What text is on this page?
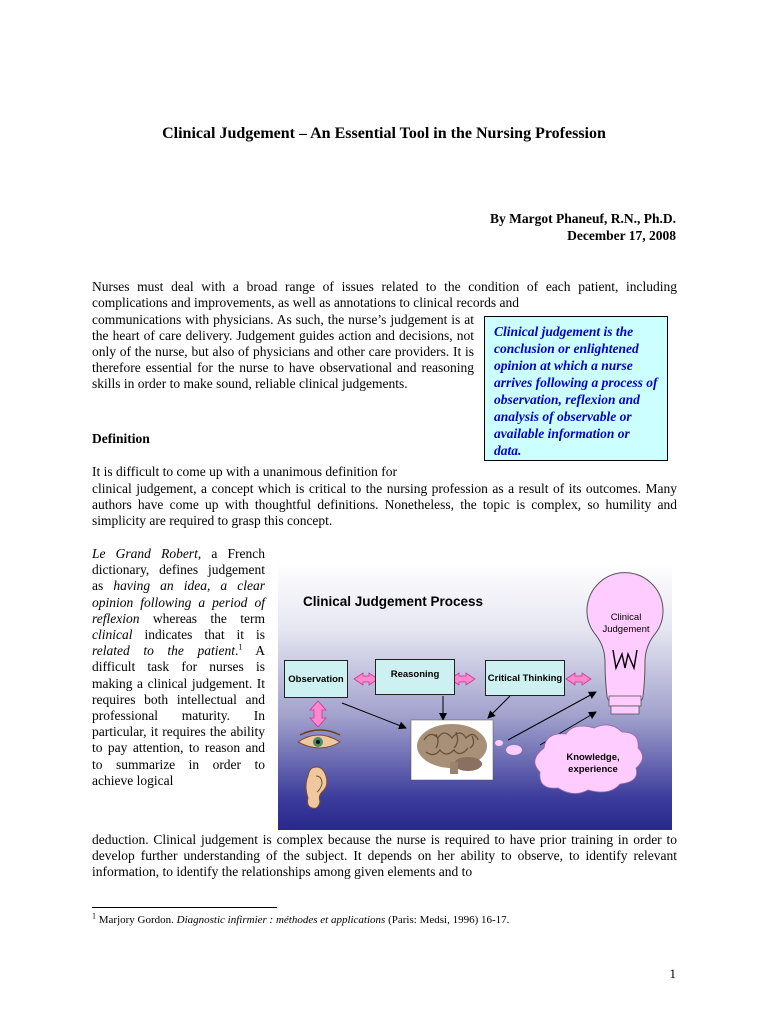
Clinical Judgement – An Essential Tool in the Nursing Profession
By Margot Phaneuf, R.N., Ph.D.
December 17, 2008
Nurses must deal with a broad range of issues related to the condition of each patient, including complications and improvements, as well as annotations to clinical records and
communications with physicians. As such, the nurse’s judgement is at the heart of care delivery. Judgement guides action and decisions, not only of the nurse, but also of physicians and other care providers. It is therefore essential for the nurse to have observational and reasoning skills in order to make sound, reliable clinical judgements.
Clinical judgement is the conclusion or enlightened opinion at which a nurse arrives following a process of observation, reflexion and analysis of observable or available information or data.
Definition
It is difficult to come up with a unanimous definition for
clinical judgement, a concept which is critical to the nursing profession as a result of its outcomes. Many authors have come up with thoughtful definitions. Nonetheless, the topic is complex, so humility and simplicity are required to grasp this concept.
Le Grand Robert, a French dictionary, defines judgement as having an idea, a clear opinion following a period of reflexion whereas the term clinical indicates that it is related to the patient.$^1$ A difficult task for nurses is making a clinical judgement. It requires both intellectual and professional maturity. In particular, it requires the ability to pay attention, to reason and to summarize in order to achieve logical
Clinical Judgement Process
Observation	Reasoning	Critical Thinking
Clinical
Judgement
Knowledge,
experience
deduction. Clinical judgement is complex because the nurse is required to have prior training in order to develop further understanding of the subject. It depends on her ability to observe, to identify relevant information, to identify the relationships among given elements and to
$^1$ Marjory Gordon. Diagnostic infirmier : méthodes et applications (Paris: Medsi, 1996) 16-17.
1
